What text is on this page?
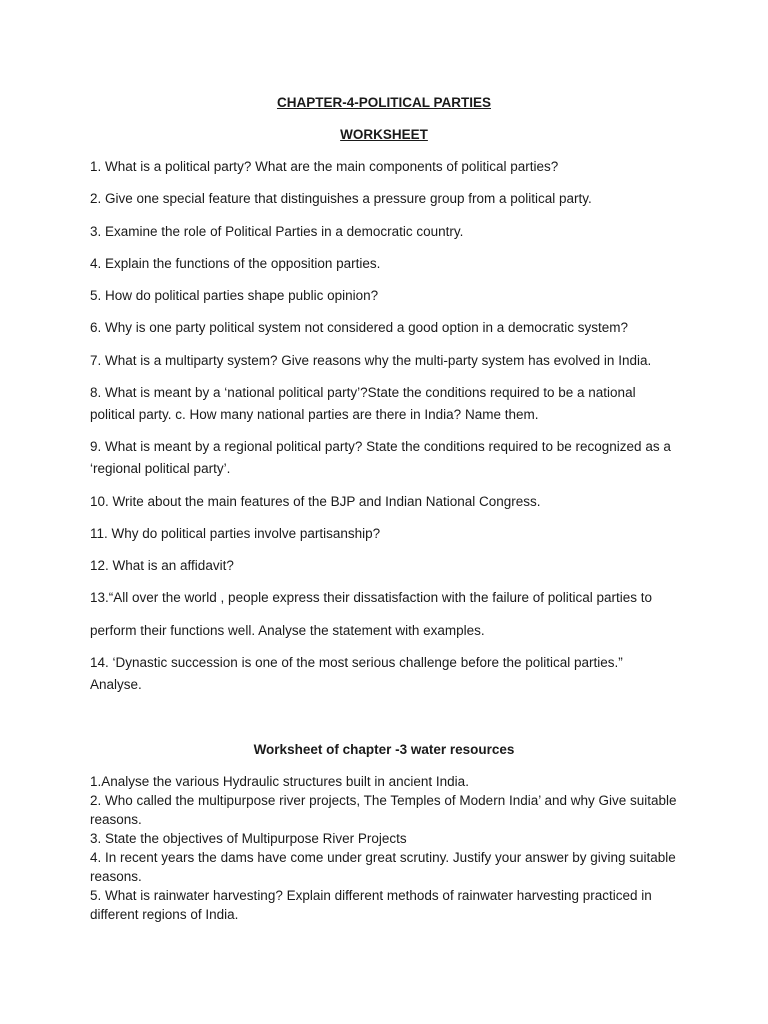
CHAPTER-4-POLITICAL PARTIES

WORKSHEET

1. What is a political party? What are the main components of political parties?

2. Give one special feature that distinguishes a pressure group from a political party.

3. Examine the role of Political Parties in a democratic country.

4. Explain the functions of the opposition parties.

5. How do political parties shape public opinion?

6. Why is one party political system not considered a good option in a democratic system?

7. What is a multiparty system? Give reasons why the multi-party system has evolved in India.

8. What is meant by a ‘national political party’?State the conditions required to be a national political party. c. How many national parties are there in India? Name them.

9. What is meant by a regional political party? State the conditions required to be recognized as a ‘regional political party’.

10. Write about the main features of the BJP and Indian National Congress.

11. Why do political parties involve partisanship?

12. What is an affidavit?

13.“All over the world , people express their dissatisfaction with the failure of political parties to

perform their functions well. Analyse the statement with examples.

14. ‘Dynastic succession is one of the most serious challenge before the political parties.” Analyse.

Worksheet of chapter -3 water resources

1.Analyse the various Hydraulic structures built in ancient India.
2. Who called the multipurpose river projects, The Temples of Modern India’ and why Give suitable reasons.
3. State the objectives of Multipurpose River Projects
4. In recent years the dams have come under great scrutiny. Justify your answer by giving suitable reasons.
5. What is rainwater harvesting? Explain different methods of rainwater harvesting practiced in different regions of India.
